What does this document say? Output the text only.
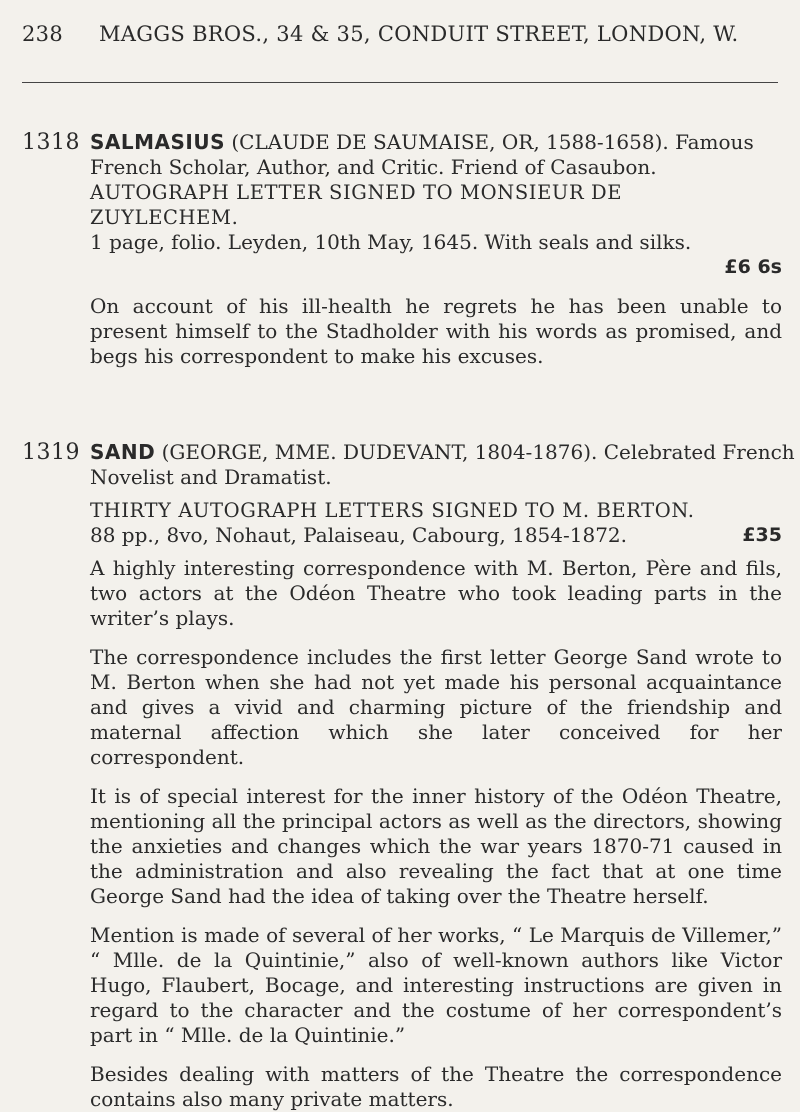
238 MAGGS BROS., 34 & 35, CONDUIT STREET, LONDON, W.
1318 SALMASIUS (CLAUDE DE SAUMAISE, OR, 1588-1658). Famous
French Scholar, Author, and Critic. Friend of Casaubon.
AUTOGRAPH LETTER SIGNED TO MONSIEUR DE
ZUYLECHEM.
1 page, folio. Leyden, 10th May, 1645. With seals and silks.
£6 6s
On account of his ill-health he regrets he has been unable to present himself to the Stadholder with his words as promised, and begs his correspondent to make his excuses.
1319 SAND (GEORGE, MME. DUDEVANT, 1804-1876). Celebrated French
Novelist and Dramatist.
THIRTY AUTOGRAPH LETTERS SIGNED TO M. BERTON.
88 pp., 8vo, Nohaut, Palaiseau, Cabourg, 1854-1872.	£35
A highly interesting correspondence with M. Berton, Père and fils, two actors at the Odéon Theatre who took leading parts in the writer’s plays.
The correspondence includes the first letter George Sand wrote to M. Berton when she had not yet made his personal acquaintance and gives a vivid and charming picture of the friendship and maternal affection which she later conceived for her correspondent.
It is of special interest for the inner history of the Odéon Theatre, mentioning all the principal actors as well as the directors, showing the anxieties and changes which the war years 1870-71 caused in the administration and also revealing the fact that at one time George Sand had the idea of taking over the Theatre herself.
Mention is made of several of her works, “ Le Marquis de Villemer,” “ Mlle. de la Quintinie,” also of well-known authors like Victor Hugo, Flaubert, Bocage, and interesting instructions are given in regard to the character and the costume of her correspondent’s part in “ Mlle. de la Quintinie.”
Besides dealing with matters of the Theatre the correspondence contains also many private matters.
